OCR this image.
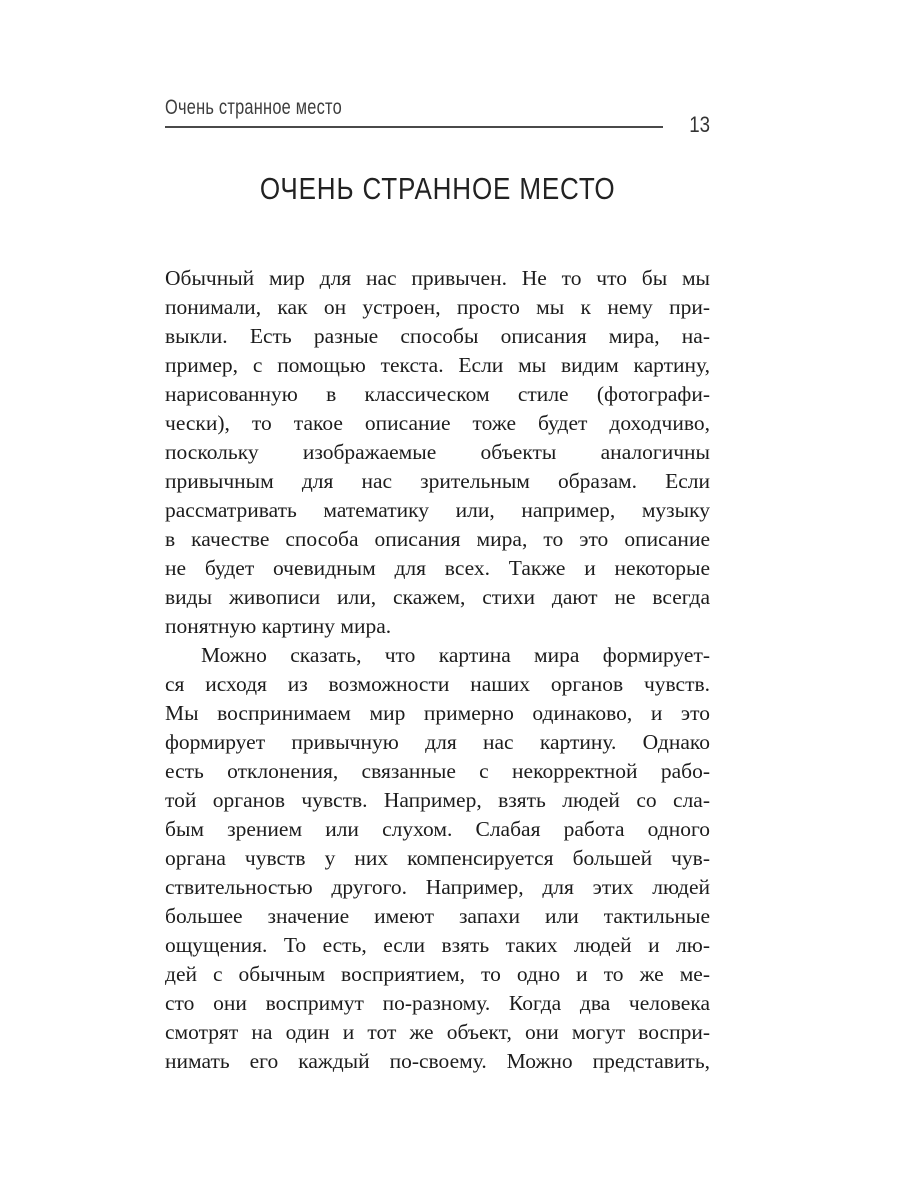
Очень странное место
13
ОЧЕНЬ СТРАННОЕ МЕСТО
Обычный мир для нас привычен. Не то что бы мы
понимали, как он устроен, просто мы к нему при-
выкли. Есть разные способы описания мира, на-
пример, с помощью текста. Если мы видим картину,
нарисованную в классическом стиле (фотографи-
чески), то такое описание тоже будет доходчиво,
поскольку изображаемые объекты аналогичны
привычным для нас зрительным образам. Если
рассматривать математику или, например, музыку
в качестве способа описания мира, то это описание
не будет очевидным для всех. Также и некоторые
виды живописи или, скажем, стихи дают не всегда
понятную картину мира.
Можно сказать, что картина мира формирует-
ся исходя из возможности наших органов чувств.
Мы воспринимаем мир примерно одинаково, и это
формирует привычную для нас картину. Однако
есть отклонения, связанные с некорректной рабо-
той органов чувств. Например, взять людей со сла-
бым зрением или слухом. Слабая работа одного
органа чувств у них компенсируется большей чув-
ствительностью другого. Например, для этих людей
большее значение имеют запахи или тактильные
ощущения. То есть, если взять таких людей и лю-
дей с обычным восприятием, то одно и то же ме-
сто они воспримут по-разному. Когда два человека
смотрят на один и тот же объект, они могут воспри-
нимать его каждый по-своему. Можно представить,
